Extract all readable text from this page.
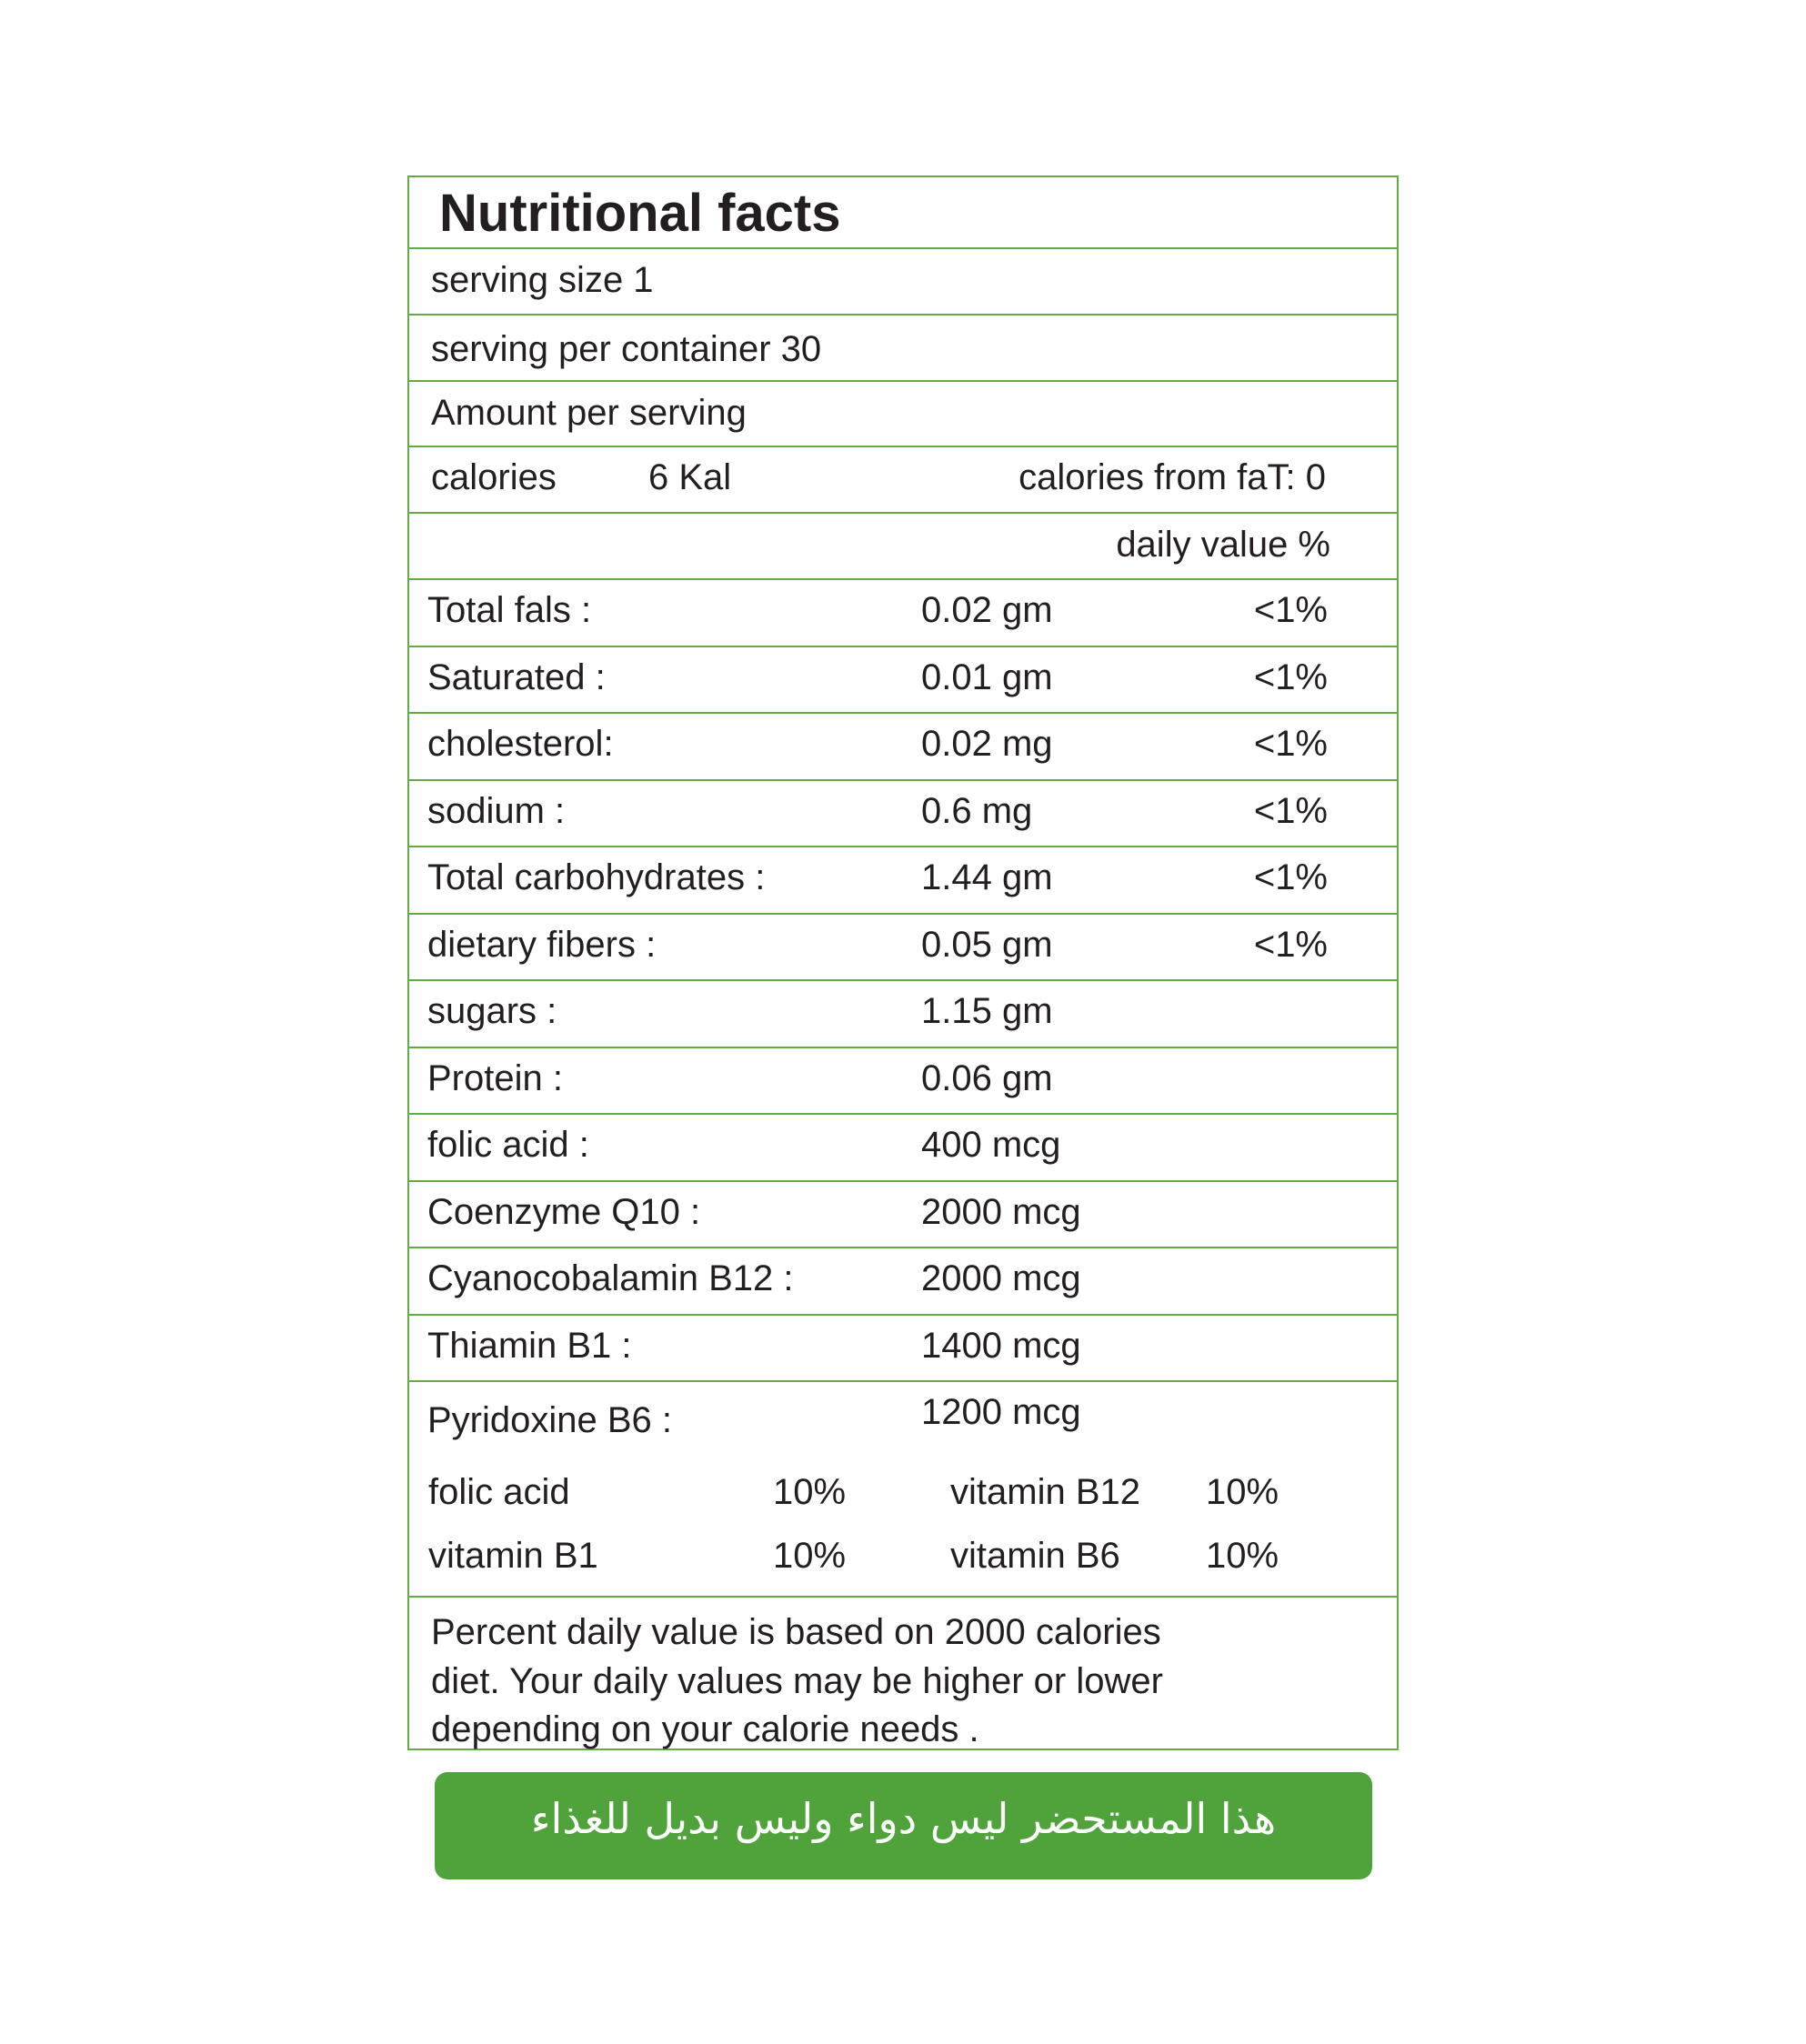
Nutritional facts
serving size 1
serving per container 30
Amount per serving
calories	6 Kal	calories from faT: 0
daily value %
Total fals :	0.02 gm	<1%
Saturated :	0.01 gm	<1%
cholesterol:	0.02 mg	<1%
sodium :	0.6 mg	<1%
Total carbohydrates :	1.44 gm	<1%
dietary fibers :	0.05 gm	<1%
sugars :	1.15 gm
Protein :	0.06 gm
folic acid :	400 mcg
Coenzyme Q10 :	2000 mcg
Cyanocobalamin B12 :	2000 mcg
Thiamin B1 :	1400 mcg
Pyridoxine B6 :	1200 mcg
folic acid	10%	vitamin B12 10%
vitamin B1	10%	vitamin B6 10%
Percent daily value is based on 2000 calories
diet. Your daily values may be higher or lower
depending on your calorie needs .
هذا المستحضر ليس دواء وليس بديل للغذاء
